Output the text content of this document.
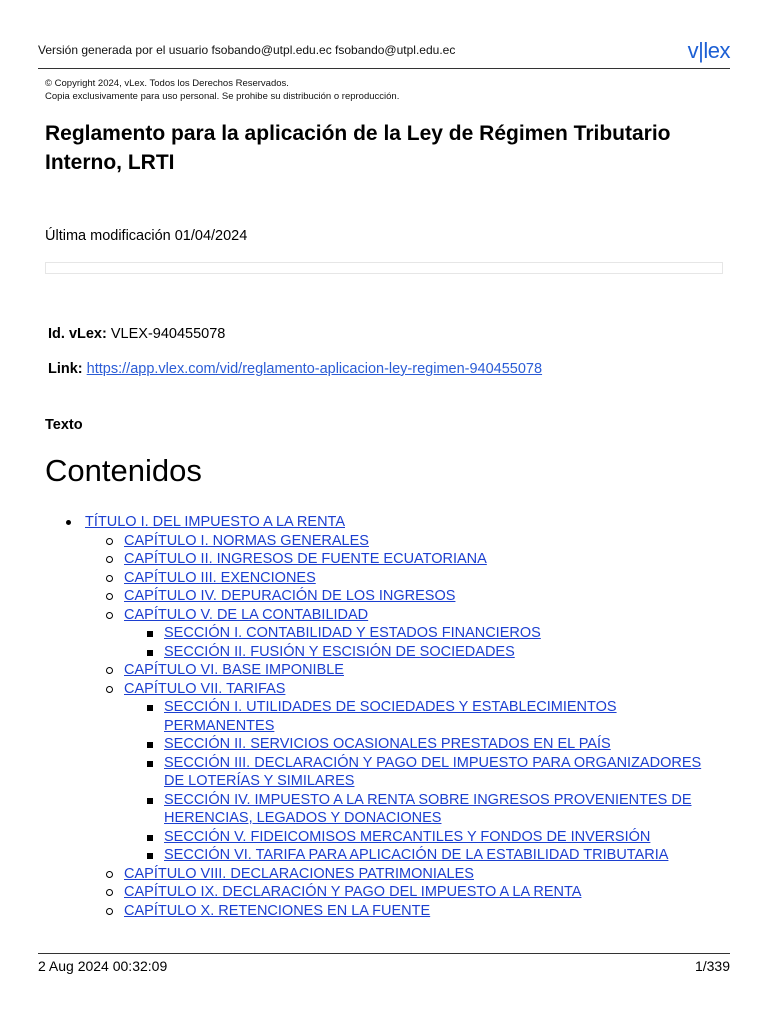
Versión generada por el usuario fsobando@utpl.edu.ec fsobando@utpl.edu.ec	v|lex
© Copyright 2024, vLex. Todos los Derechos Reservados.
Copia exclusivamente para uso personal. Se prohibe su distribución o reproducción.
Reglamento para la aplicación de la Ley de Régimen Tributario Interno, LRTI
Última modificación 01/04/2024
Id. vLex: VLEX-940455078
Link: https://app.vlex.com/vid/reglamento-aplicacion-ley-regimen-940455078
Texto
Contenidos
TÍTULO I. DEL IMPUESTO A LA RENTA
CAPÍTULO I. NORMAS GENERALES
CAPÍTULO II. INGRESOS DE FUENTE ECUATORIANA
CAPÍTULO III. EXENCIONES
CAPÍTULO IV. DEPURACIÓN DE LOS INGRESOS
CAPÍTULO V. DE LA CONTABILIDAD
SECCIÓN I. CONTABILIDAD Y ESTADOS FINANCIEROS
SECCIÓN II. FUSIÓN Y ESCISIÓN DE SOCIEDADES
CAPÍTULO VI. BASE IMPONIBLE
CAPÍTULO VII. TARIFAS
SECCIÓN I. UTILIDADES DE SOCIEDADES Y ESTABLECIMIENTOS PERMANENTES
SECCIÓN II. SERVICIOS OCASIONALES PRESTADOS EN EL PAÍS
SECCIÓN III. DECLARACIÓN Y PAGO DEL IMPUESTO PARA ORGANIZADORES DE LOTERÍAS Y SIMILARES
SECCIÓN IV. IMPUESTO A LA RENTA SOBRE INGRESOS PROVENIENTES DE HERENCIAS, LEGADOS Y DONACIONES
SECCIÓN V. FIDEICOMISOS MERCANTILES Y FONDOS DE INVERSIÓN
SECCIÓN VI. TARIFA PARA APLICACIÓN DE LA ESTABILIDAD TRIBUTARIA
CAPÍTULO VIII. DECLARACIONES PATRIMONIALES
CAPÍTULO IX. DECLARACIÓN Y PAGO DEL IMPUESTO A LA RENTA
CAPÍTULO X. RETENCIONES EN LA FUENTE
2 Aug 2024 00:32:09	1/339
